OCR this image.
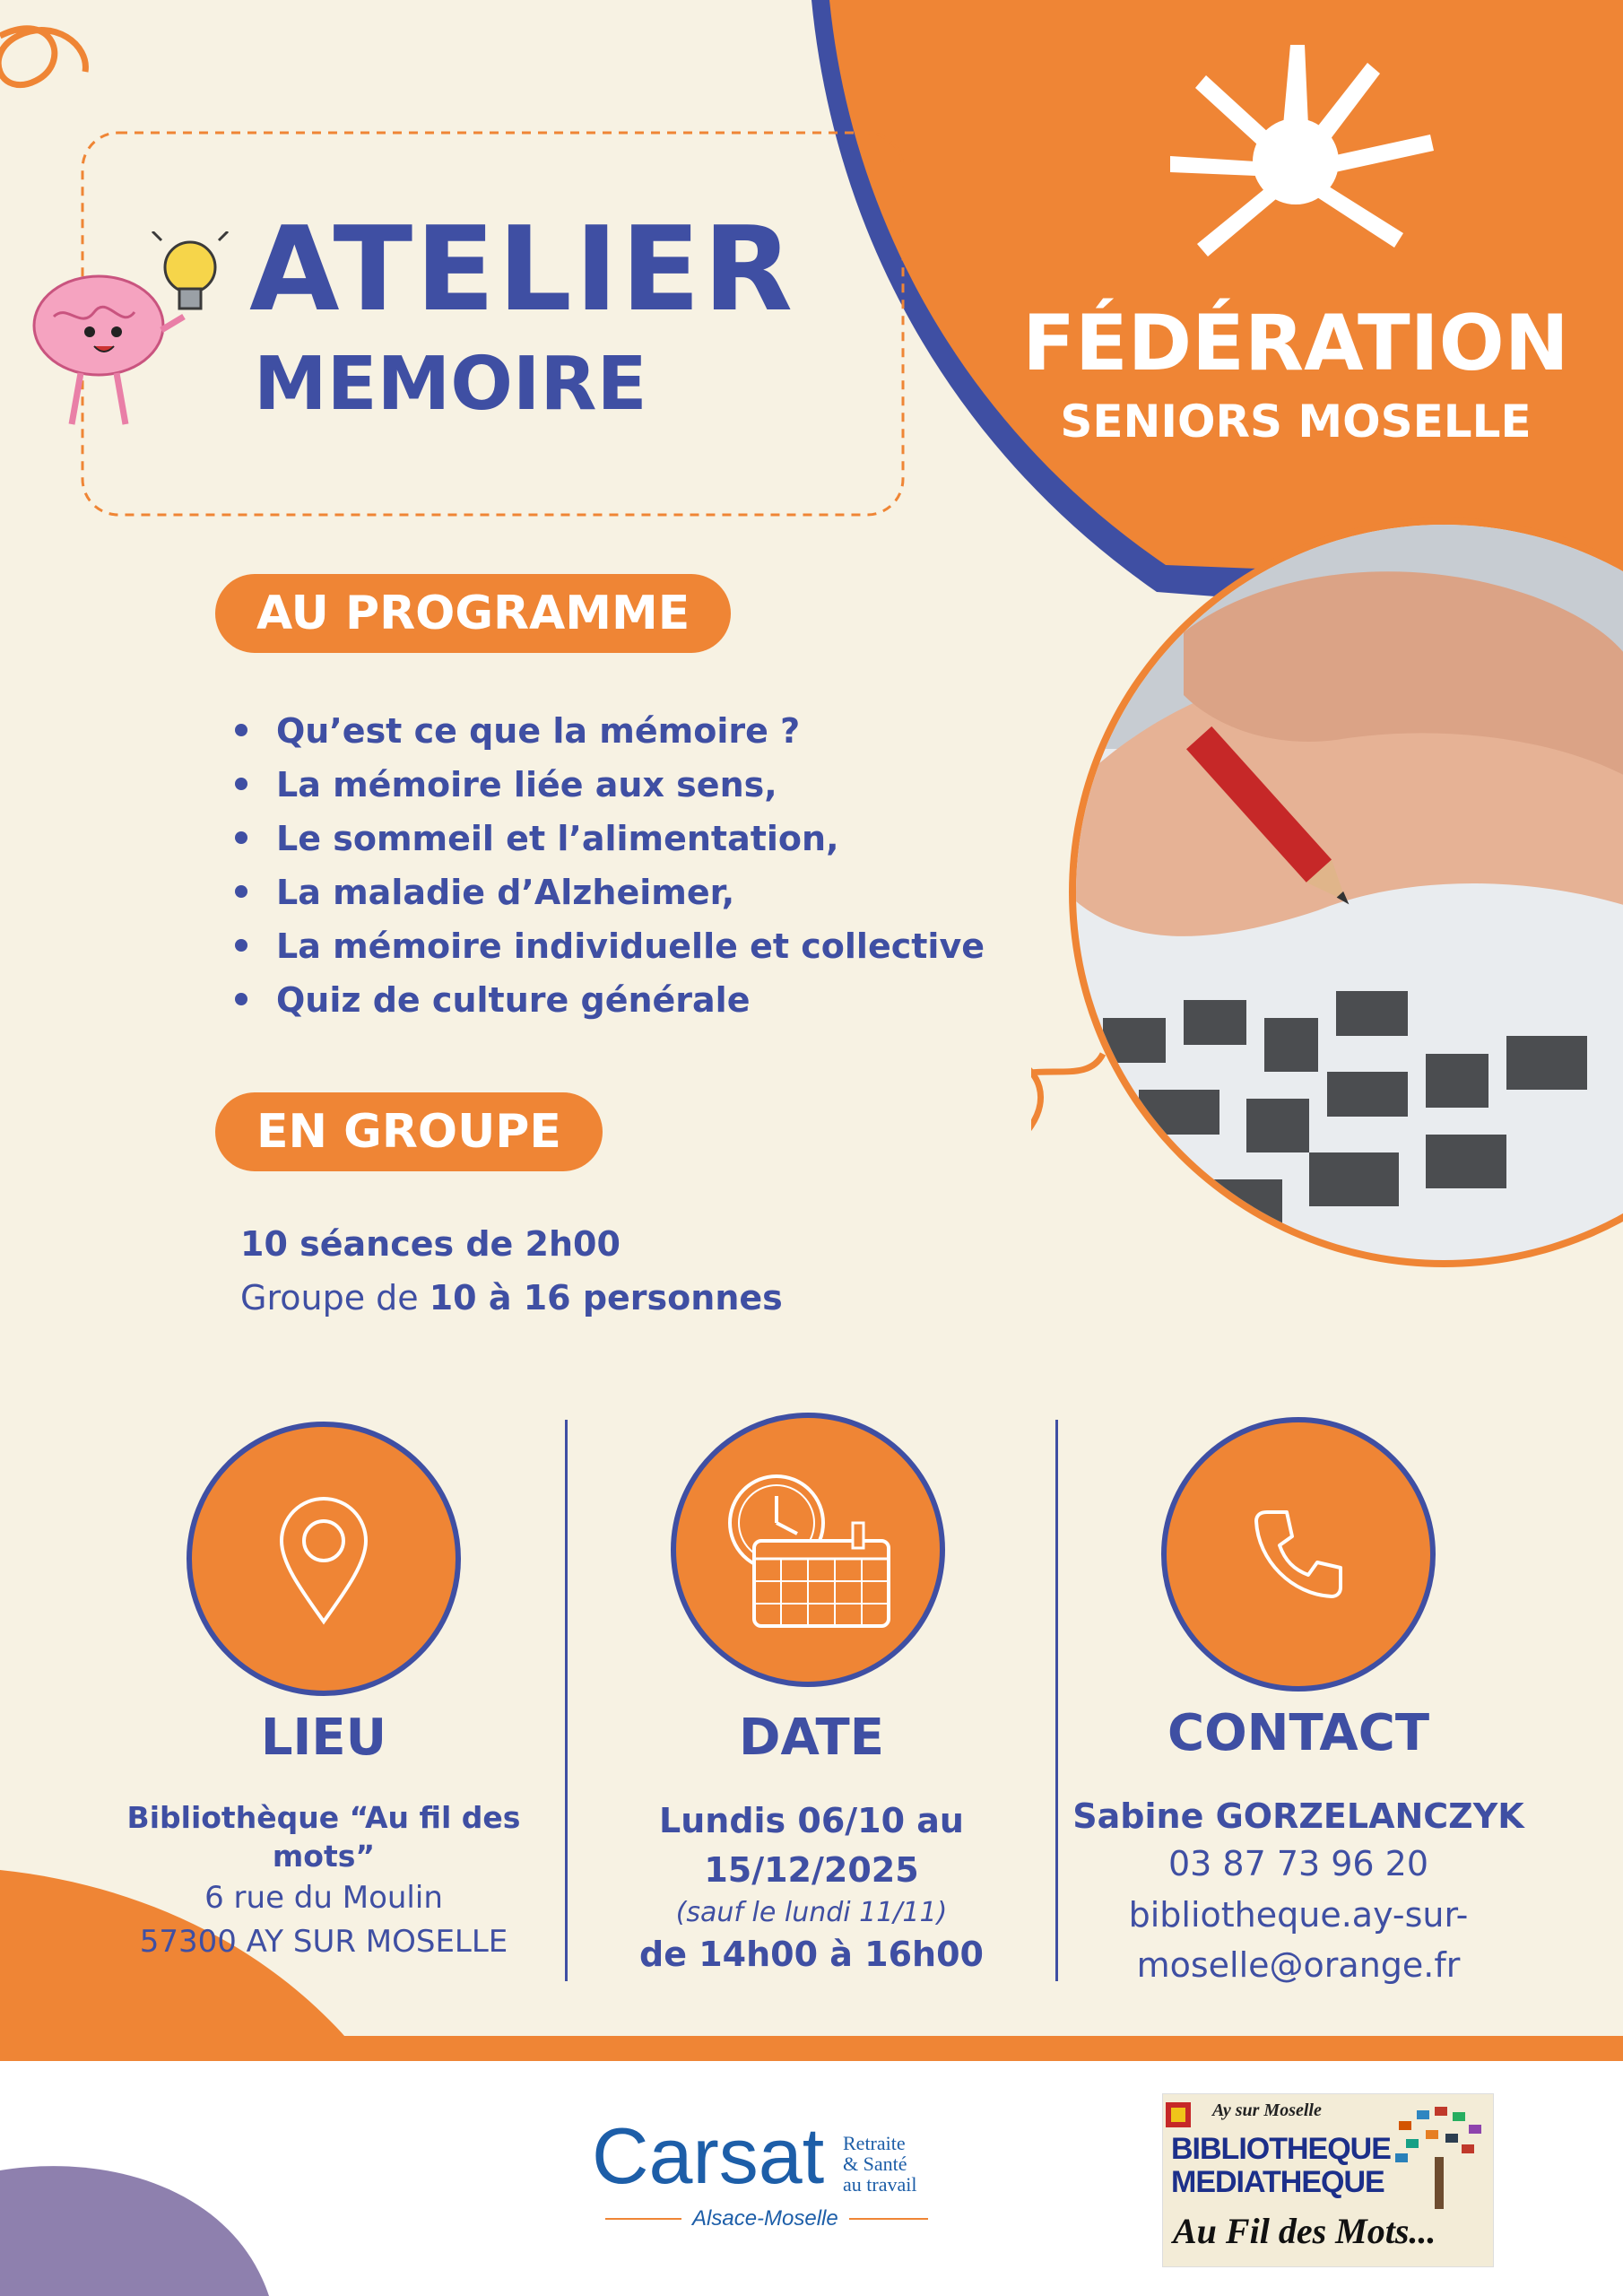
ATELIER
MEMOIRE	FÉDÉRATION
SENIORS MOSELLE
AU PROGRAMME
Qu’est ce que la mémoire ?
La mémoire liée aux sens,
Le sommeil et l’alimentation,
La maladie d’Alzheimer,
La mémoire individuelle et collective
Quiz de culture générale
EN GROUPE
10 séances de 2h00
Groupe de 10 à 16 personnes
LIEU
Bibliothèque “Au fil des mots”
6 rue du Moulin
57300 AY SUR MOSELLE
DATE
Lundis 06/10 au
15/12/2025
(sauf le lundi 11/11)
de 14h00 à 16h00
CONTACT
Sabine GORZELANCZYK
03 87 73 96 20
bibliotheque.ay-sur-
moselle@orange.fr
Carsat Retraite
& Santé
au travail
Alsace-Moselle
Ay sur Moselle
BIBLIOTHEQUE
MEDIATHEQUE
Au Fil des Mots...
